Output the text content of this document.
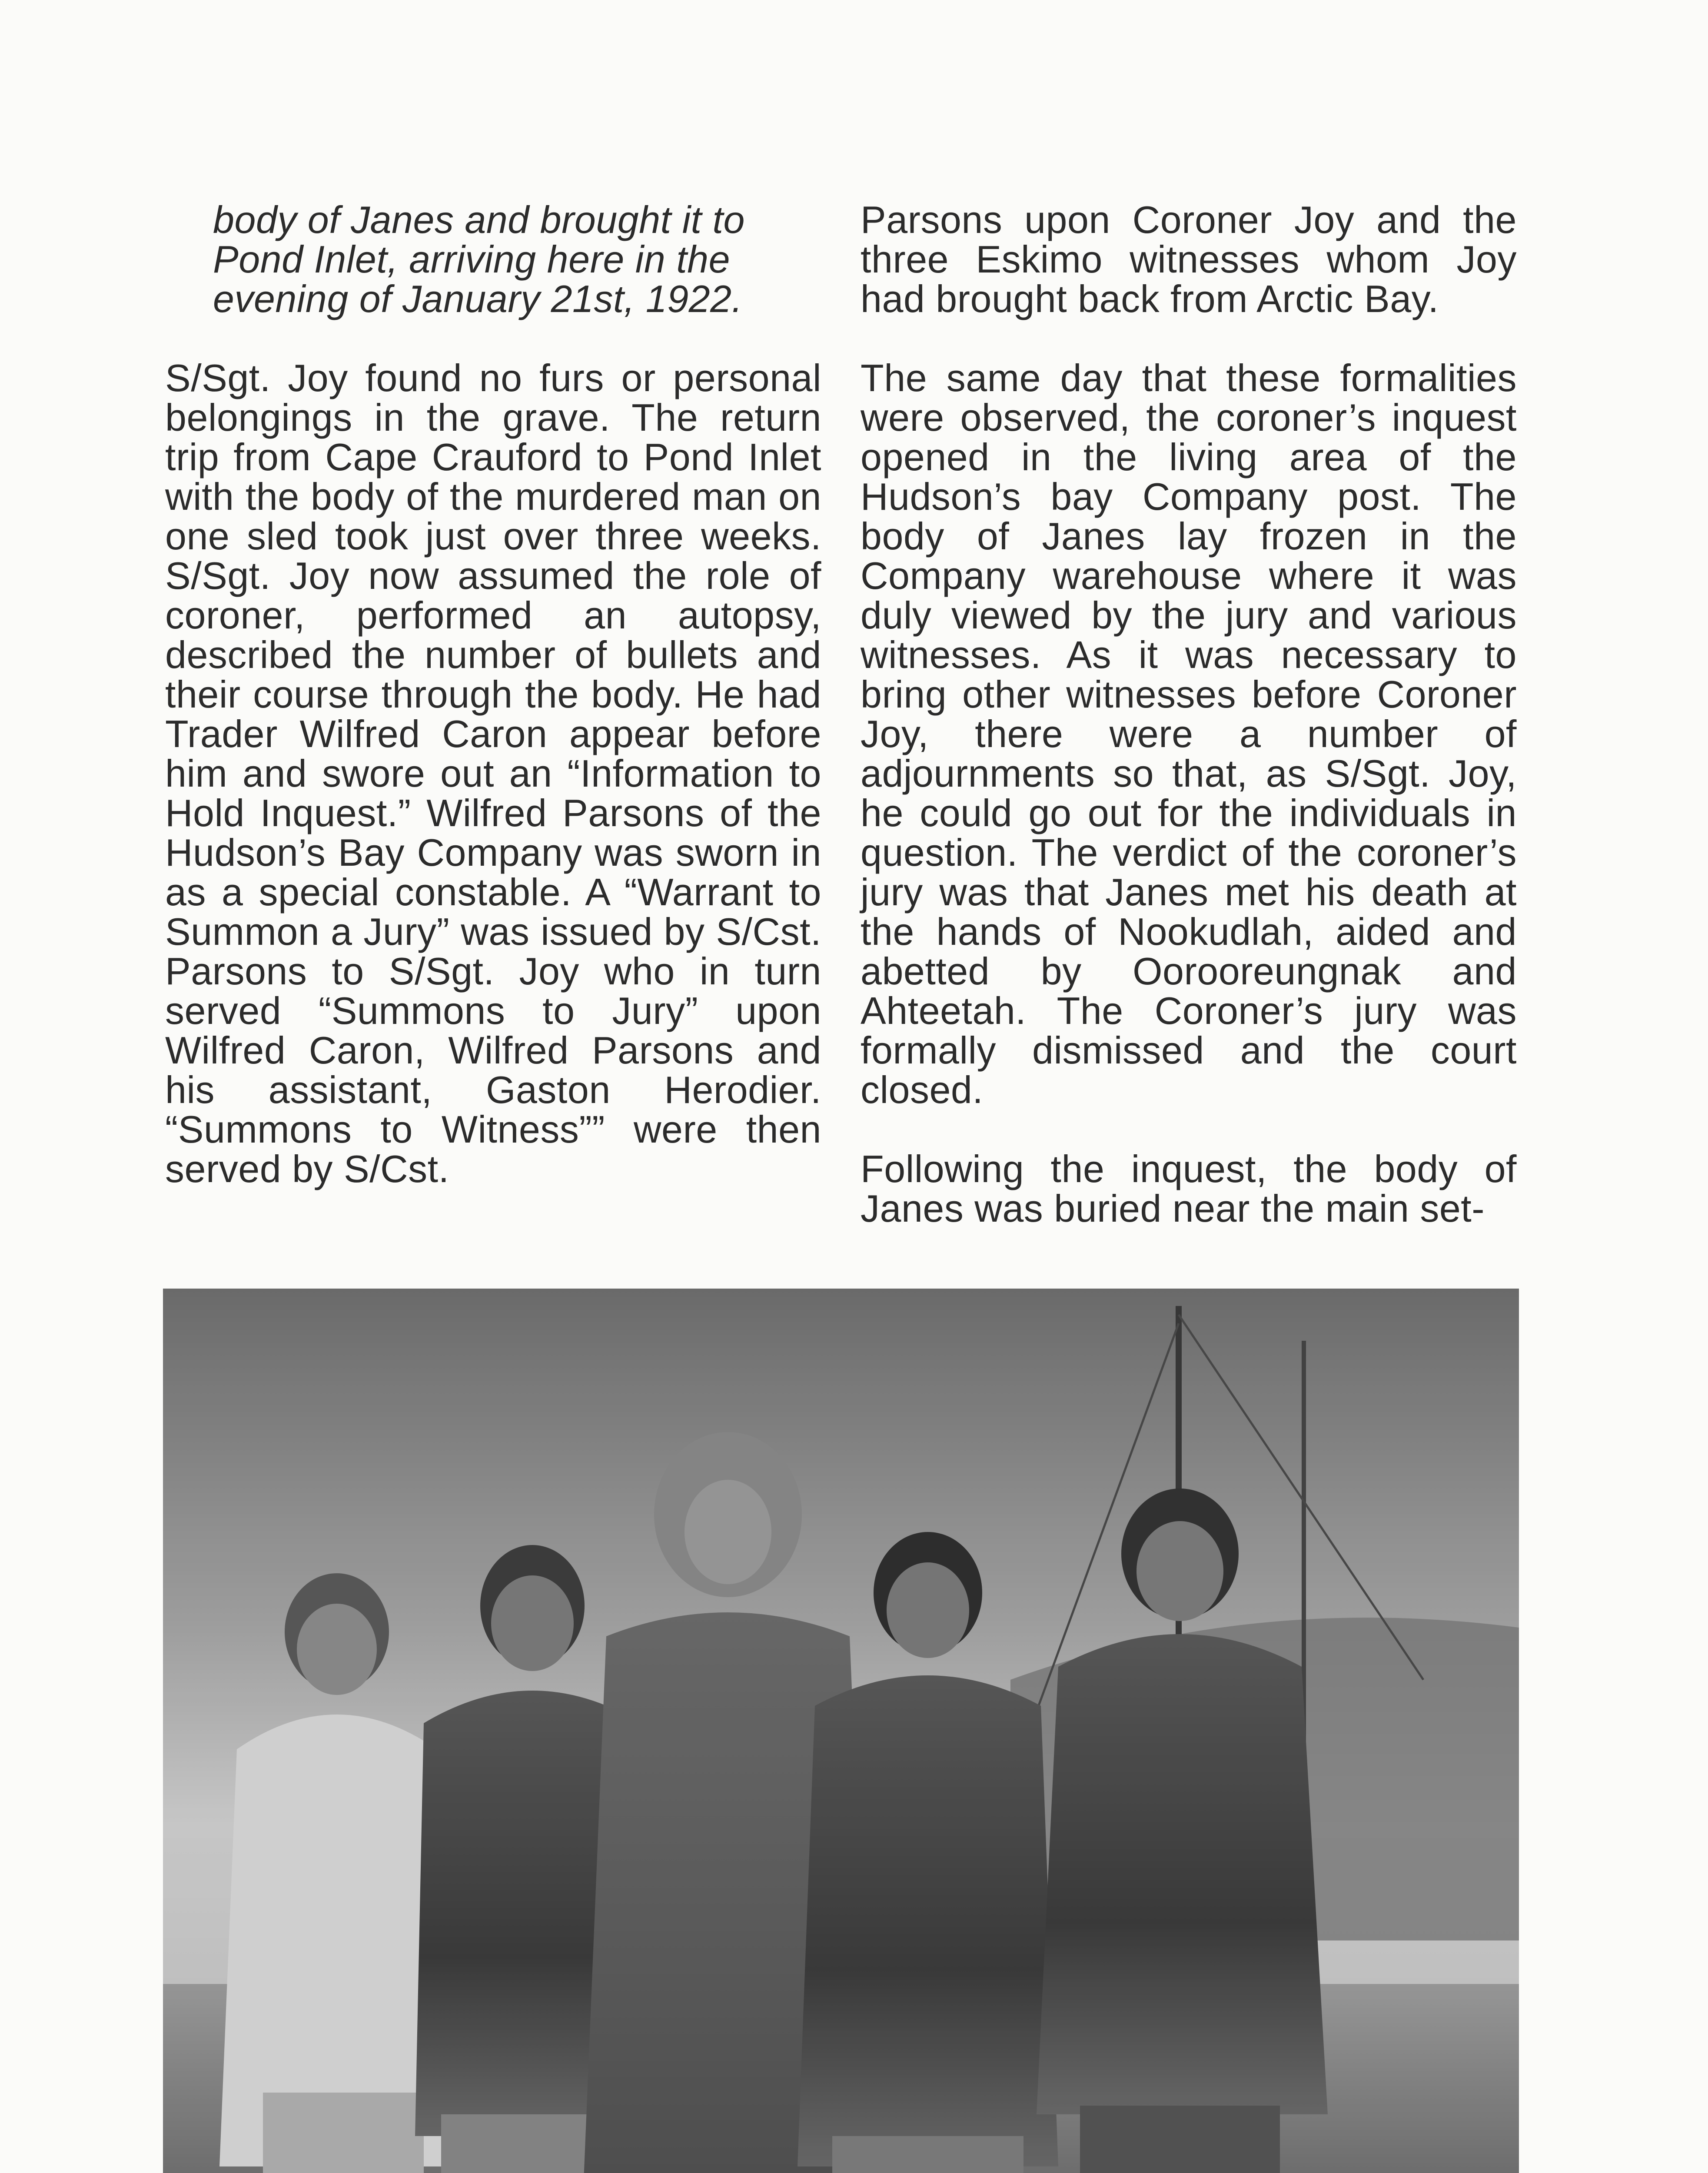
body of Janes and brought it to Pond Inlet, arriving here in the evening of January 21st, 1922.

S/Sgt. Joy found no furs or personal belongings in the grave. The return trip from Cape Crauford to Pond Inlet with the body of the murdered man on one sled took just over three weeks. S/Sgt. Joy now assumed the role of coroner, performed an autopsy, described the number of bullets and their course through the body. He had Trader Wilfred Caron appear before him and swore out an “Information to Hold Inquest.” Wilfred Parsons of the Hudson’s Bay Company was sworn in as a special constable. A “Warrant to Summon a Jury” was issued by S/Cst. Parsons to S/Sgt. Joy who in turn served “Summons to Jury” upon Wilfred Caron, Wilfred Parsons and his assistant, Gaston Herodier. “Summons to Witness”” were then served by S/Cst.

Parsons upon Coroner Joy and the three Eskimo witnesses whom Joy had brought back from Arctic Bay.

The same day that these formalities were observed, the coroner’s inquest opened in the living area of the Hudson’s bay Company post. The body of Janes lay frozen in the Company warehouse where it was duly viewed by the jury and various witnesses. As it was necessary to bring other witnesses before Coroner Joy, there were a number of adjournments so that, as S/Sgt. Joy, he could go out for the individuals in question. The verdict of the coroner’s jury was that Janes met his death at the hands of Nookudlah, aided and abetted by Oorooreungnak and Ahteetah. The Coroner’s jury was formally dismissed and the court closed.

Following the inquest, the body of Janes was buried near the main set-
